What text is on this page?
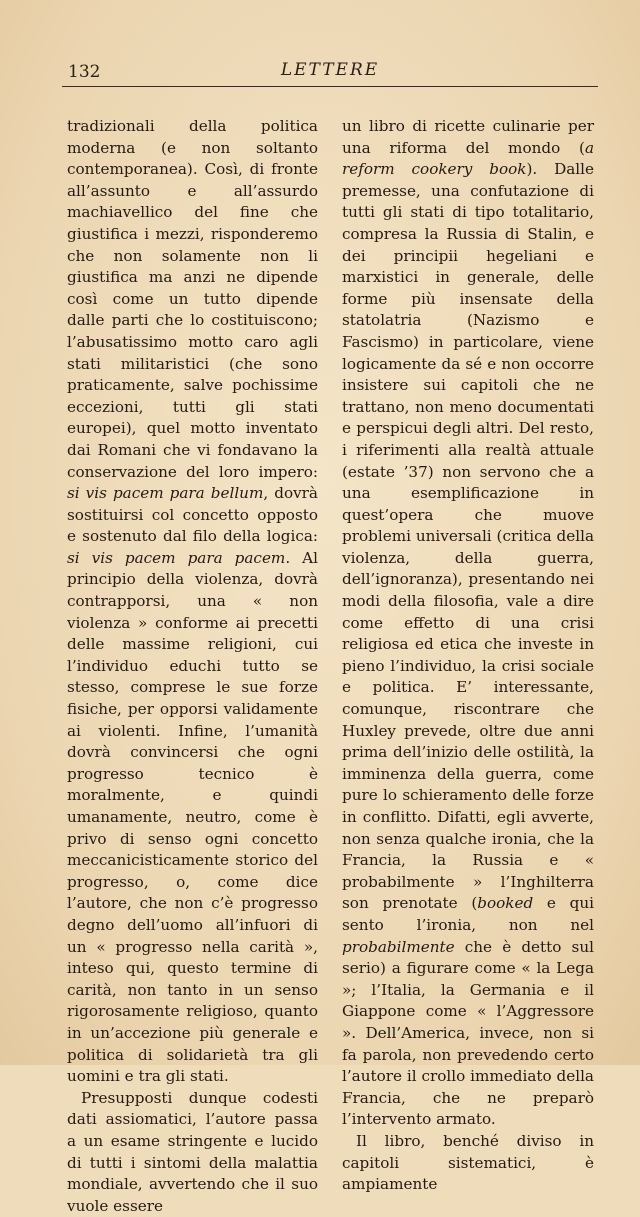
132	LETTERE

tradizionali della politica moderna (e non soltanto contemporanea). Così, di fronte all’assunto e all’assurdo machiavellico del fine che giustifica i mezzi, risponderemo che non solamente non li giustifica ma anzi ne dipende così come un tutto dipende dalle parti che lo costituiscono; l’abusatissimo motto caro agli stati militaristici (che sono praticamente, salve pochissime eccezioni, tutti gli stati europei), quel motto inventato dai Romani che vi fondavano la conservazione del loro impero: si vis pacem para bellum, dovrà sostituirsi col concetto opposto e sostenuto dal filo della logica: si vis pacem para pacem. Al principio della violenza, dovrà contrapporsi, una « non violenza » conforme ai precetti delle massime religioni, cui l’individuo educhi tutto se stesso, comprese le sue forze fisiche, per opporsi validamente ai violenti. Infine, l’umanità dovrà convincersi che ogni progresso tecnico è moralmente, e quindi umanamente, neutro, come è privo di senso ogni concetto meccanicisticamente storico del progresso, o, come dice l’autore, che non c’è progresso degno dell’uomo all’infuori di un « progresso nella carità », inteso qui, questo termine di carità, non tanto in un senso rigorosamente religioso, quanto in un’accezione più generale e politica di solidarietà tra gli uomini e tra gli stati.

Presupposti dunque codesti dati assiomatici, l’autore passa a un esame stringente e lucido di tutti i sintomi della malattia mondiale, avvertendo che il suo vuole essere

un libro di ricette culinarie per una riforma del mondo (a reform cookery book). Dalle premesse, una confutazione di tutti gli stati di tipo totalitario, compresa la Russia di Stalin, e dei principii hegeliani e marxistici in generale, delle forme più insensate della statolatria (Nazismo e Fascismo) in particolare, viene logicamente da sé e non occorre insistere sui capitoli che ne trattano, non meno documentati e perspicui degli altri. Del resto, i riferimenti alla realtà attuale (estate ’37) non servono che a una esemplificazione in quest’opera che muove problemi universali (critica della violenza, della guerra, dell’ignoranza), presentando nei modi della filosofia, vale a dire come effetto di una crisi religiosa ed etica che investe in pieno l’individuo, la crisi sociale e politica. E’ interessante, comunque, riscontrare che Huxley prevede, oltre due anni prima dell’inizio delle ostilità, la imminenza della guerra, come pure lo schieramento delle forze in conflitto. Difatti, egli avverte, non senza qualche ironia, che la Francia, la Russia e « probabilmente » l’Inghilterra son prenotate (booked e qui sento l’ironia, non nel probabilmente che è detto sul serio) a figurare come « la Lega »; l’Italia, la Germania e il Giappone come « l’Aggressore ». Dell’America, invece, non si fa parola, non prevedendo certo l’autore il crollo immediato della Francia, che ne preparò l’intervento armato.

Il libro, benché diviso in capitoli sistematici, è ampiamente
